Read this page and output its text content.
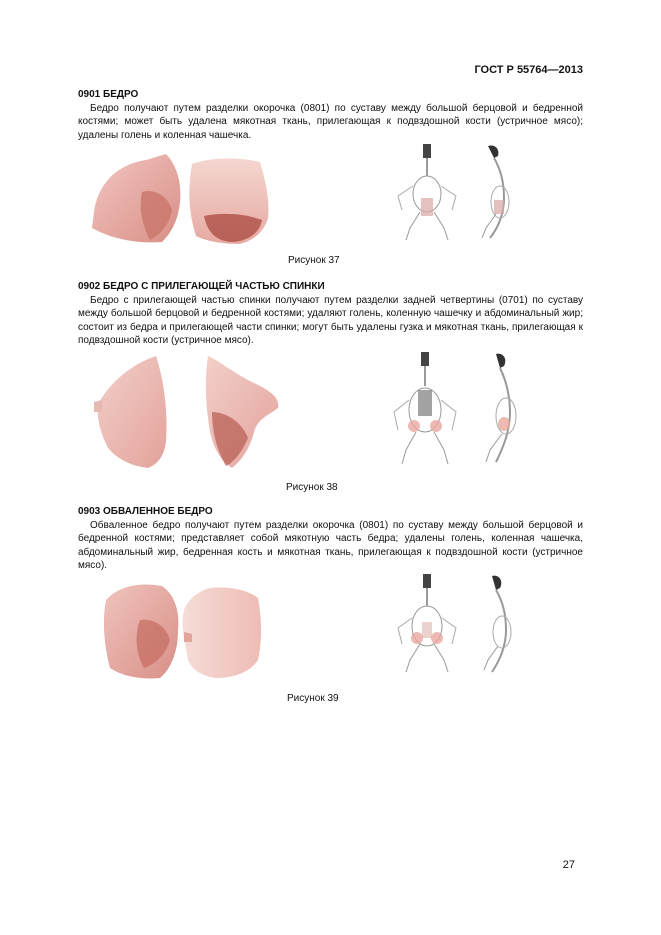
ГОСТ Р 55764—2013
0901 БЕДРО

Бедро получают путем разделки окорочка (0801) по суставу между большой берцовой и бедренной костями; может быть удалена мякотная ткань, прилегающая к подвздошной кости (устричное мясо); удалены голень и коленная чашечка.

Рисунок 37
0902 БЕДРО С ПРИЛЕГАЮЩЕЙ ЧАСТЬЮ СПИНКИ

Бедро с прилегающей частью спинки получают путем разделки задней четвертины (0701) по суставу между большой берцовой и бедренной костями; удаляют голень, коленную чашечку и абдоминальный жир; состоит из бедра и прилегающей части спинки; могут быть удалены гузка и мякотная ткань, прилегающая к подвздошной кости (устричное мясо).

Рисунок 38
0903 ОБВАЛЕННОЕ БЕДРО

Обваленное бедро получают путем разделки окорочка (0801) по суставу между большой берцовой и бедренной костями; представляет собой мякотную часть бедра; удалены голень, коленная чашечка, абдоминальный жир, бедренная кость и мякотная ткань, прилегающая к подвздошной кости (устричное мясо).

Рисунок 39
27
